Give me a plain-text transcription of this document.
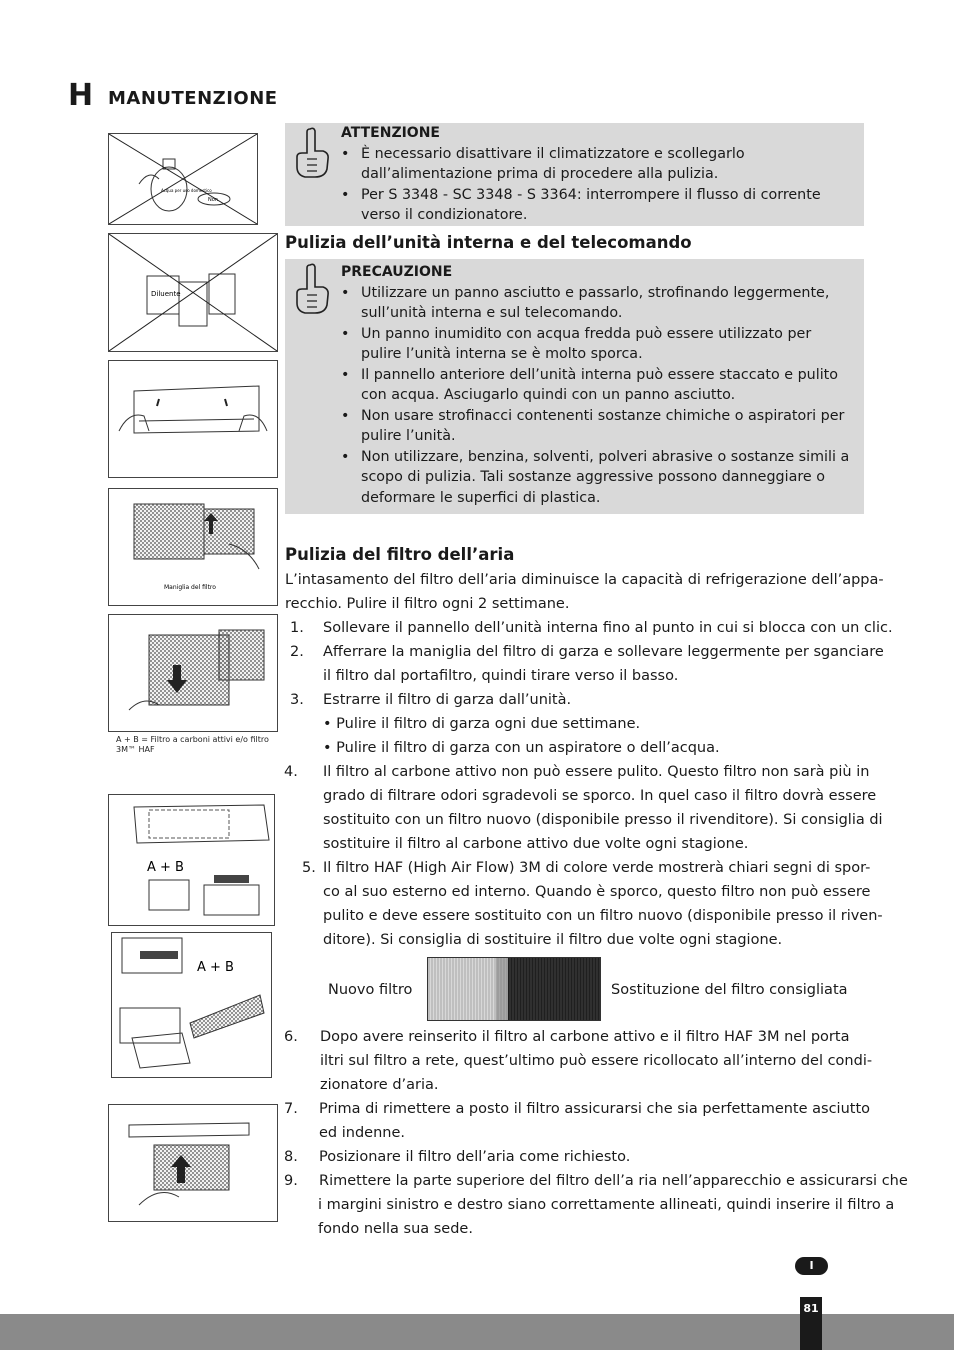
H MANUTENZIONE
Acqua per uso domestico
Non
Diluente
Maniglia del filtro
A + B = Filtro a carboni attivi e/o filtro 3M™ HAF
A + B
A + B
ATTENZIONE
• È necessario disattivare il climatizzatore e scollegarlo dall’alimentazione prima di procedere alla pulizia.
• Per S 3348 - SC 3348 - S 3364: interrompere il flusso di corrente verso il condizionatore.
Pulizia dell’unità interna e del telecomando
PRECAUZIONE
• Utilizzare un panno asciutto e passarlo, strofinando leggermente, sull’unità interna e sul telecomando.
• Un panno inumidito con acqua fredda può essere utilizzato per pulire l’unità interna se è molto sporca.
• Il pannello anteriore dell’unità interna può essere staccato e pulito con acqua. Asciugarlo quindi con un panno asciutto.
• Non usare strofinacci contenenti sostanze chimiche o aspiratori per pulire l’unità.
• Non utilizzare, benzina, solventi, polveri abrasive o sostanze simili a scopo di pulizia. Tali sostanze aggressive possono danneggiare o deformare le superfici di plastica.
Pulizia del filtro dell’aria
L’intasamento del filtro dell’aria diminuisce la capacità di refrigerazione dell’appa-
recchio. Pulire il filtro ogni 2 settimane.
1. Sollevare il pannello dell’unità interna fino al punto in cui si blocca con un clic.
2. Afferrare la maniglia del filtro di garza e sollevare leggermente per sganciare
il filtro dal portafiltro, quindi tirare verso il basso.
3. Estrarre il filtro di garza dall’unità.
• Pulire il filtro di garza ogni due settimane.
• Pulire il filtro di garza con un aspiratore o dell’acqua.
4. Il filtro al carbone attivo non può essere pulito. Questo filtro non sarà più in
grado di filtrare odori sgradevoli se sporco. In quel caso il filtro dovrà essere
sostituito con un filtro nuovo (disponibile presso il rivenditore). Si consiglia di
sostituire il filtro al carbone attivo due volte ogni stagione.
5. Il filtro HAF (High Air Flow) 3M di colore verde mostrerà chiari segni di spor-
co al suo esterno ed interno. Quando è sporco, questo filtro non può essere
pulito e deve essere sostituito con un filtro nuovo (disponibile presso il riven-
ditore). Si consiglia di sostituire il filtro due volte ogni stagione.
Nuovo filtro	Sostituzione del filtro consigliata
6. Dopo avere reinserito il filtro al carbone attivo e il filtro HAF 3M nel porta
iltri sul filtro a rete, quest’ultimo può essere ricollocato all’interno del condi-
zionatore d’aria.
7. Prima di rimettere a posto il filtro assicurarsi che sia perfettamente asciutto
ed indenne.
8. Posizionare il filtro dell’aria come richiesto.
9. Rimettere la parte superiore del filtro dell’a ria nell’apparecchio e assicurarsi che
i margini sinistro e destro siano correttamente allineati, quindi inserire il filtro a
fondo nella sua sede.
I
81
